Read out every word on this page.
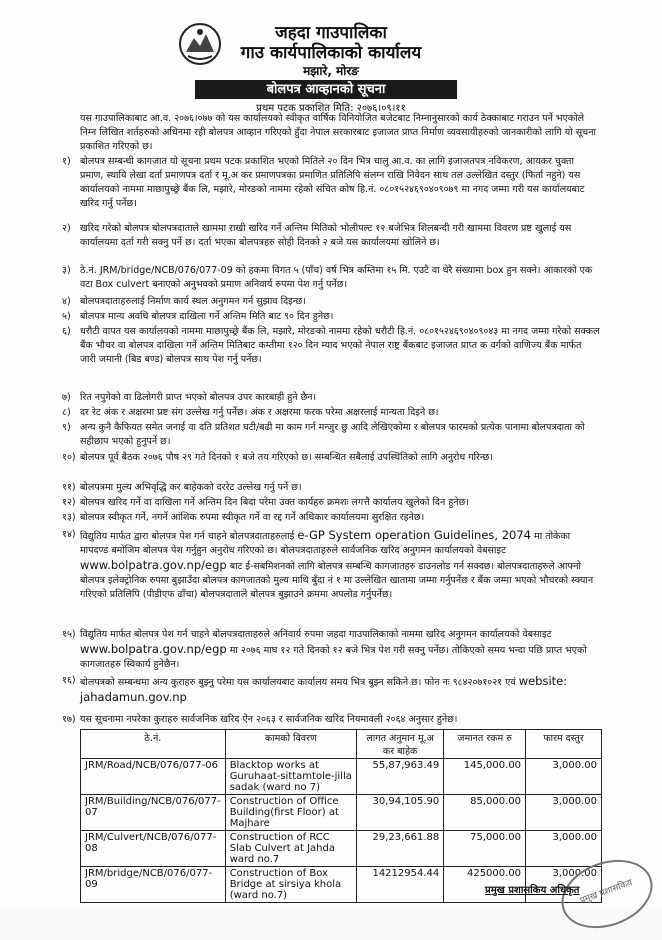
जहदा गाउपालिका
गाउ कार्यपालिकाको कार्यालय
मझारे, मोरङ
बोलपत्र आव्हानको सूचना
प्रथम पटक प्रकाशित मिति: २०७६।०९।११
यस गाउपालिकाबाट आ.व. २०७६।०७७ को यस कार्यालयको स्वीकृत वार्षिक विनियोजित बजेटबाट निम्नानुसारको कार्य ठेक्काबाट गराउन पर्ने भएकोले निम्न लिखित शर्तहरुको अधिनमा रही बोलपत्र आव्हान गरिएको हुँदा नेपाल सरकारबाट इजाजत प्राप्त निर्माण व्यवसायीहरुको जानकारीको लागि यो सूचना प्रकाशित गरिएको छ।
१) बोलपत्र सम्बन्धी कागजात यो सूचना प्रथम पटक प्रकाशित भएको मितिले २० दिन भित्र चालु आ.व. का लागि इजाजतपत्र नविकरण, आयकर चुक्ता प्रमाण, स्थायि लेखा दर्ता प्रमाणपत्र दर्ता र मू.अ कर प्रमाणपत्रका प्रमाणित प्रतिलिपि संलग्न राखि निवेदन साथ तल उल्लेखित दस्तुर (फिर्ता नहुने) यस कार्यालयको नाममा माछापुच्छ्रे बैंक लि, मझारे, मोरङको नाममा रहेको संचित कोष हि.नं. ०८०१५२४६९०४०९०७९ मा नगद जम्मा गरी यस कार्यालयबाट खरिद गर्नु पर्नेछ।
२) खरिद गरेको बोलपत्र बोलपत्रदाताले खाममा राखी खरिद गर्ने अन्तिम मितिको भोलीपल्ट १२ बजेभित्र शिलबन्दी गरी खाममा विवरण प्रष्ट खुलाई यस कार्यालयमा दर्ता गरी सक्नु पर्ने छ। दर्ता भएका बोलपत्रहरु सोही दिनको २ बजे यस कार्यालयमा खोलिने छ।
३) ठे.नं. JRM/bridge/NCB/076/077-09 को हकमा विगत ५ (पाँच) वर्ष भित्र कम्तिमा १५ मि. एउटै वा धेरै संख्यामा box हुन सक्ने। आकारको एक वटा Box culvert बनाएको अनुभवको प्रमाण अनिवार्य रुपमा पेश गर्नु पर्नेछ।
४) बोलपत्रदाताहरुलाई निर्माण कार्य स्थल अनुगमन गर्न सुझाव दिइन्छ।
५) बोलपत्र मान्य अवधि बोलपत्र दाखिला गर्ने अन्तिम मिति बाट ९० दिन हुनेछ।
६) धरौटी वापत यस कार्यालयको नाममा माछापुच्छ्रे बैंक लि, मझारे, मोरङको नाममा रहेको धरौटी हि.नं. ०८०१५२४६९०४०९०४३ मा नगद जम्मा गरेको सक्कल बैंक भौचर वा बोलपत्र दाखिला गर्ने अन्तिम मितिबाट कम्तीमा १२० दिन म्याद भएको नेपाल राष्ट्र बैंकबाट इजाजत प्राप्त क वर्गको वाणिज्य बैंक मार्फत जारी जमानी (बिड बण्ड) बोलपत्र साथ पेश गर्नु पर्नेछ।
७) रित नपुगेको वा ढिलोगरी प्राप्त भएको बोलपत्र उपर कारबाही हुने छैन।
८) दर रेट अंक र अक्षरमा प्रष्ट संग उल्लेख गर्नु पर्नेछ। अंक र अक्षरमा फरक परेमा अक्षरलाई मान्यता दिइने छ।
९) अन्य कुनै कैफियत समेत जनाई वा दति प्रतिशत घटी/बढी मा काम गर्न मन्जुर छु आदि लेखिएकोमा र बोलपत्र फारमको प्रत्येक पानामा बोलपत्रदाता को सहीछाप भएको हुनुपर्ने छ।
१०) बोलपत्र पूर्व बैठक २०७६ पौष २९ गते दिनको १ बजे तय गरिएको छ। सम्बन्धित सबैलाई उपस्थितिको लागि अनुरोध गरिन्छ।
११) बोलपत्रमा मुल्य अभिवृद्धि कर बाहेकको दररेट उल्लेख गर्नु पर्ने छ।
१२) बोलपत्र खरिद गर्ने वा दाखिला गर्ने अन्तिम दिन बिदा परेमा उक्त कार्यहरु क्रमशः लगत्तै कार्यालय खुलेको दिन हुनेछ।
१३) बोलपत्र स्वीकृत गर्ने, नगर्ने आंशिक रुपमा स्वीकृत गर्ने वा रद्द गर्ने अधिकार कार्यालयमा सुरक्षित रहनेछ।
१४) विद्युतिय मार्फत द्वारा बोलपत्र पेश गर्न चाहने बोलपत्रदाताहरुलाई e-GP System operation Guidelines, 2074 मा तोकेका मापदण्ड बमोजिम बोलपत्र पेश गर्नुहुन अनुरोध गरिएको छ। बोलपत्रदाताहरुले सार्वजनिक खरिद अनुगमन कार्यालयको वेबसाइट www.bolpatra.gov.np/egp बाट ई-सबमिशनको लागि बोलपत्र सम्बन्धि कागजातहरु डाउनलोड गर्न सक्दछ। बोलपत्रदाताहरुले आफ्नो बोलपत्र इलेक्ट्रोनिक रुपमा बुझाउँदा बोलपत्र कागजातको मुल्य माथि बुँदा नं १ मा उल्लेखित खातामा जम्मा गर्नुपर्नेछ र बैंक जम्मा भएको भौचरको स्क्यान गरिएको प्रतिलिपि (पीडीएफ ढाँचा) बोलपत्रदाताले बोलपत्र बुझाउने क्रममा अपलोड गर्नुपर्नेछ।
१५) विद्युतिय मार्फत बोलपत्र पेश गर्न चाहने बोलपत्रदाताहरुले अनिवार्य रुपमा जहदा गाउपालिकाको नाममा खरिद अनुगमन कार्यालयको वेबसाइट www.bolpatra.gov.np/egp मा २०७६ माघ १२ गते दिनको १२ बजे भित्र पेश गरी सक्नु पर्नेछ। तोकिएको समय भन्दा पछि प्राप्त भएको कागजातहरु स्विकार्य हुनेछैन।
१६) बोलपत्रको सम्बन्धमा अन्य कुराहरु बुझ्नु परेमा यस कार्यालयबाट कार्यालय समय भित्र बुझ्न सकिने छ। फोन नः ९८४२०७१०२१ एवं website: jahadamun.gov.np
१७) यस सूचनामा नपरेका कुराहरु सार्वजनिक खरिद ऐन २०६३ र सार्वजनिक खरिद नियमावली २०६४ अनुसार हुनेछ।
ठे.नं.	कामको विवरण	लागत अनुमान मू.अ कर बाहेक	जमानत रकम रु	फारम दस्तुर
JRM/Road/NCB/076/077-06	Blacktop works at Guruhaat-sittamtole-jilla sadak (ward no 7)	55,87,963.49	145,000.00	3,000.00
JRM/Building/NCB/076/077-07	Construction of Office Building(first Floor) at Majhare	30,94,105.90	85,000.00	3,000.00
JRM/Culvert/NCB/076/077-08	Construction of RCC Slab Culvert at Jahda ward no.7	29,23,661.88	75,000.00	3,000.00
JRM/bridge/NCB/076/077-09	Construction of Box Bridge at sirsiya khola (ward no.7)	14212954.44	425000.00	3,000.00
प्रमुख प्रशासकिय
प्रमुख प्रशासकिय अधिकृत
